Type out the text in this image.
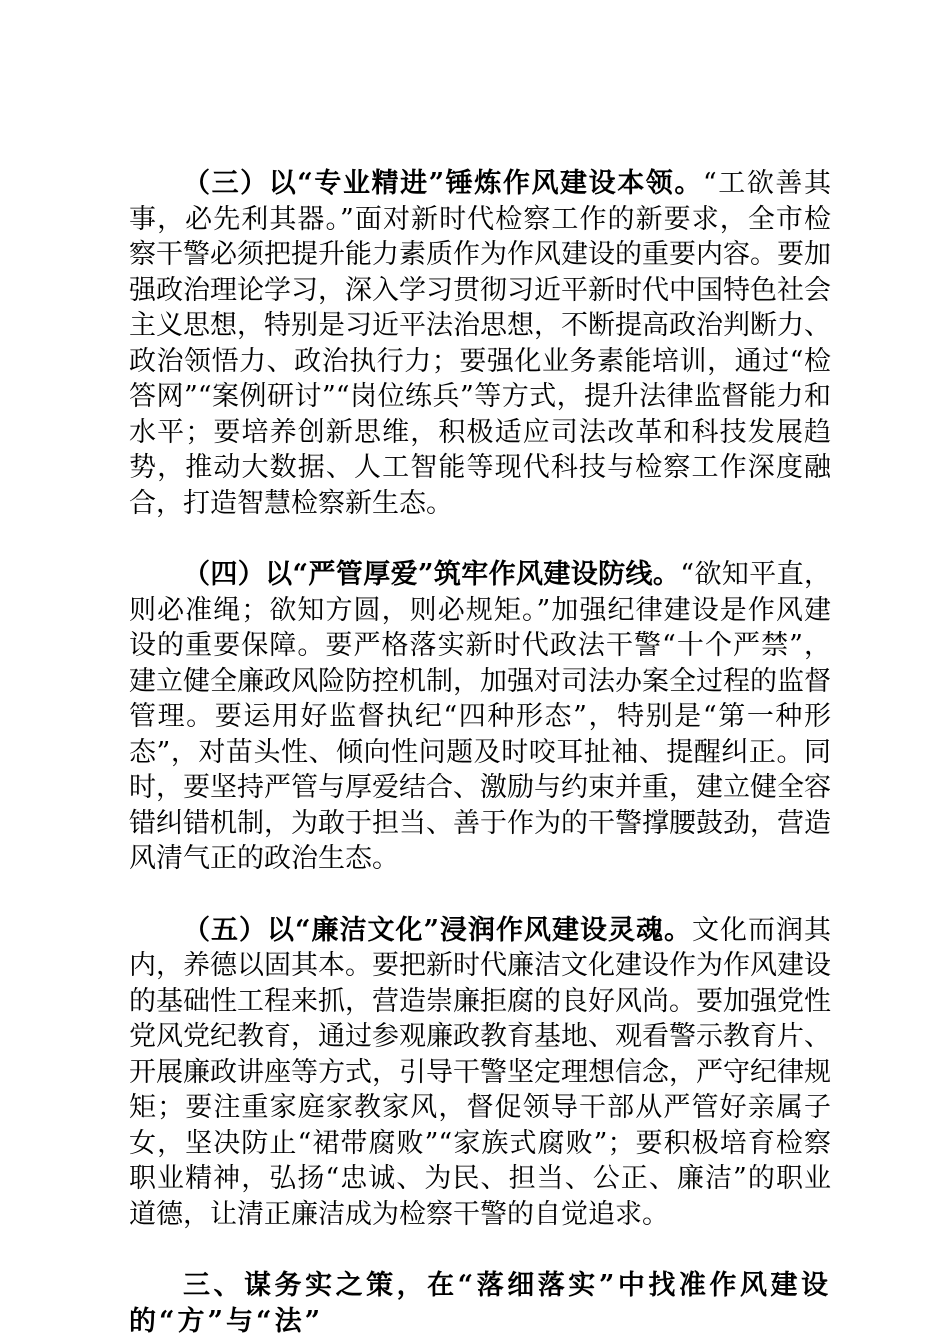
（三）以“专业精进”锤炼作风建设本领。“工欲善其事，必先利其器。”面对新时代检察工作的新要求，全市检察干警必须把提升能力素质作为作风建设的重要内容。要加强政治理论学习，深入学习贯彻习近平新时代中国特色社会主义思想，特别是习近平法治思想，不断提高政治判断力、政治领悟力、政治执行力；要强化业务素能培训，通过“检答网”“案例研讨”“岗位练兵”等方式，提升法律监督能力和水平；要培养创新思维，积极适应司法改革和科技发展趋势，推动大数据、人工智能等现代科技与检察工作深度融合，打造智慧检察新生态。

（四）以“严管厚爱”筑牢作风建设防线。“欲知平直，则必准绳；欲知方圆，则必规矩。”加强纪律建设是作风建设的重要保障。要严格落实新时代政法干警“十个严禁”，建立健全廉政风险防控机制，加强对司法办案全过程的监督管理。要运用好监督执纪“四种形态”，特别是“第一种形态”，对苗头性、倾向性问题及时咬耳扯袖、提醒纠正。同时，要坚持严管与厚爱结合、激励与约束并重，建立健全容错纠错机制，为敢于担当、善于作为的干警撑腰鼓劲，营造风清气正的政治生态。

（五）以“廉洁文化”浸润作风建设灵魂。文化而润其内，养德以固其本。要把新时代廉洁文化建设作为作风建设的基础性工程来抓，营造崇廉拒腐的良好风尚。要加强党性党风党纪教育，通过参观廉政教育基地、观看警示教育片、开展廉政讲座等方式，引导干警坚定理想信念，严守纪律规矩；要注重家庭家教家风，督促领导干部从严管好亲属子女，坚决防止“裙带腐败”“家族式腐败”；要积极培育检察职业精神，弘扬“忠诚、为民、担当、公正、廉洁”的职业道德，让清正廉洁成为检察干警的自觉追求。

三、谋务实之策，在“落细落实”中找准作风建设的“方”与“法”
